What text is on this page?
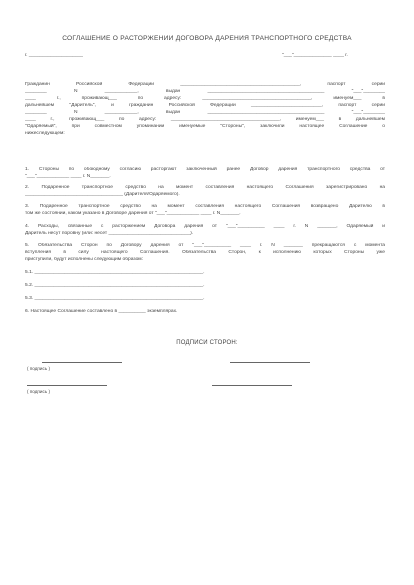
г. ____________________	"___"______________ ____ г.
СОГЛАШЕНИЕ О РАСТОРЖЕНИИ ДОГОВОРА ДАРЕНИЯ ТРАНСПОРТНОГО СРЕДСТВА
Гражданин Российской Федерации ____________________________________________, паспорт серии
________ N ____________, выдан ___________________________________________ "___"________
____ г., проживающ___ по адресу: ________________________________________, именуем___ в
дальнейшем "Даритель", и гражданин Российской Федерации __________________________, паспорт серии
________ N ____________, выдан ___________________________________________ "___"________
____ г., проживающ___ по адресу: ________________________________________, именуем___ в дальнейшем
"Одаряемый", при совместном упоминании именуемые "Стороны", заключили настоящее Соглашение о
нижеследующем:
1. Стороны по обоюдному согласию расторгают заключенный ранее Договор дарения транспортного средства от
"___"____________ ____ г. N_______.
2. Подаренное транспортное средство на момент составления настоящего Соглашения зарегистрировано на
____________________________________ (Дарителя/Одаряемого).
3. Подаренное транспортное средство на момент составления настоящего Соглашения возвращено Дарителю в
том же состоянии, каком указано в Договоре дарения от "___"____________ ____ г. N_______.
4. Расходы, связанные с расторжением Договора дарения от "___"__________ ____ г. N _______, Одаряемый и
Даритель несут поровну (или: несет ______________________________).
5. Обязательства Сторон по Договору дарения от "___"__________ ____ г. N _______ прекращаются с момента
вступления в силу настоящего Соглашения. Обязательства Сторон, к исполнению которых Стороны уже
приступили, будут исполнены следующим образом:
5.1. ______________________________________________________________.
5.2. ______________________________________________________________.
5.3. ______________________________________________________________.
6. Настоящее Соглашение составлено в __________ экземплярах.
ПОДПИСИ СТОРОН:
( подпись )
( подпись )
